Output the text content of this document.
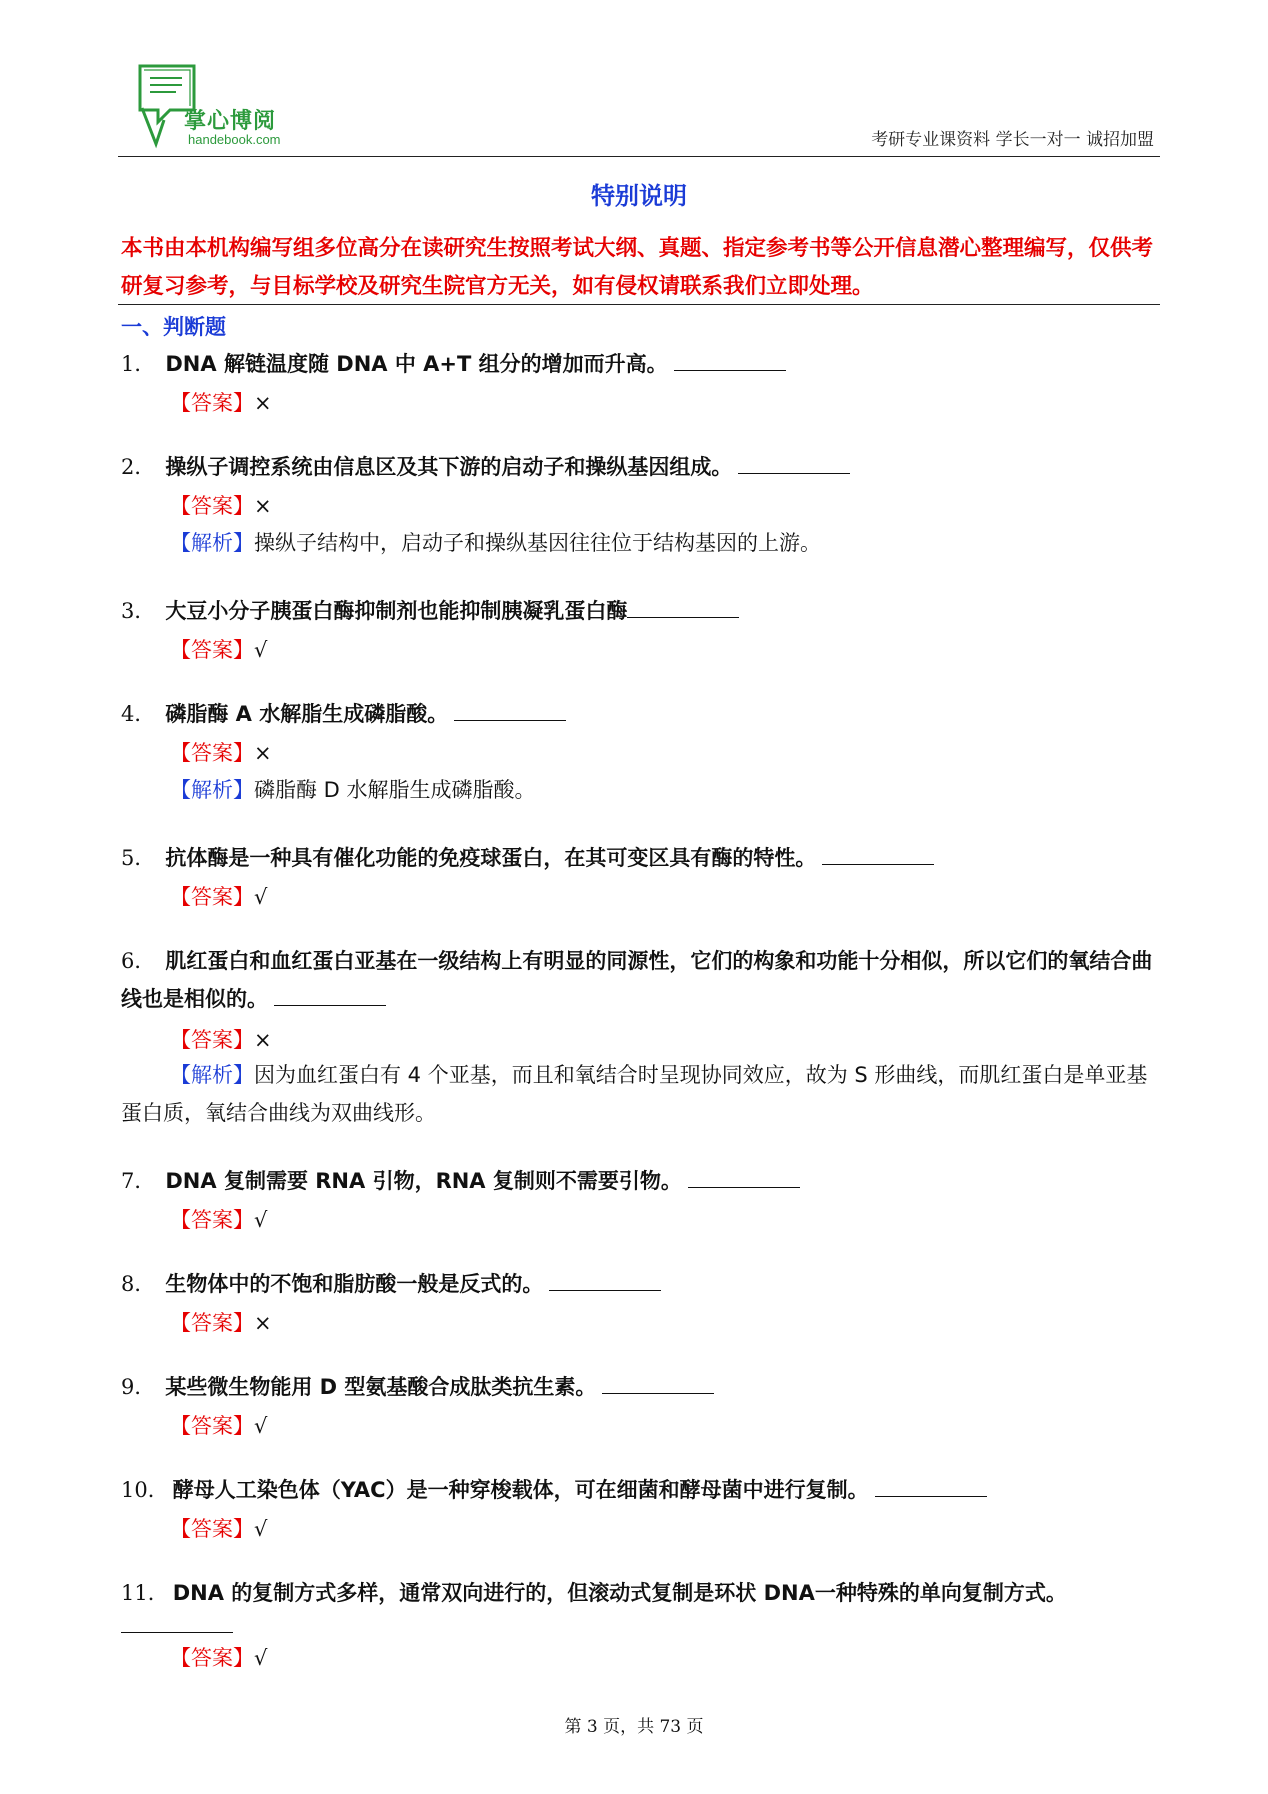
掌心博阅
handebook.com	考研专业课资料 学长一对一 诚招加盟
特别说明
本书由本机构编写组多位高分在读研究生按照考试大纲、真题、指定参考书等公开信息潜心整理编写，仅供考研复习参考，与目标学校及研究生院官方无关，如有侵权请联系我们立即处理。
一、判断题
1． DNA 解链温度随 DNA 中 A+T 组分的增加而升高。
【答案】×
2． 操纵子调控系统由信息区及其下游的启动子和操纵基因组成。
【答案】×
【解析】操纵子结构中，启动子和操纵基因往往位于结构基因的上游。
3． 大豆小分子胰蛋白酶抑制剂也能抑制胰凝乳蛋白酶
【答案】√
4． 磷脂酶 A 水解脂生成磷脂酸。
【答案】×
【解析】磷脂酶 D 水解脂生成磷脂酸。
5． 抗体酶是一种具有催化功能的免疫球蛋白，在其可变区具有酶的特性。
【答案】√
6． 肌红蛋白和血红蛋白亚基在一级结构上有明显的同源性，它们的构象和功能十分相似，所以它们的氧结合曲线也是相似的。
【答案】×
【解析】因为血红蛋白有 4 个亚基，而且和氧结合时呈现协同效应，故为 S 形曲线，而肌红蛋白是单亚基蛋白质，氧结合曲线为双曲线形。
7． DNA 复制需要 RNA 引物，RNA 复制则不需要引物。
【答案】√
8． 生物体中的不饱和脂肪酸一般是反式的。
【答案】×
9． 某些微生物能用 D 型氨基酸合成肽类抗生素。
【答案】√
10． 酵母人工染色体（YAC）是一种穿梭载体，可在细菌和酵母菌中进行复制。
【答案】√
11． DNA 的复制方式多样，通常双向进行的，但滚动式复制是环状 DNA一种特殊的单向复制方式。
【答案】√
第 3 页，共 73 页
